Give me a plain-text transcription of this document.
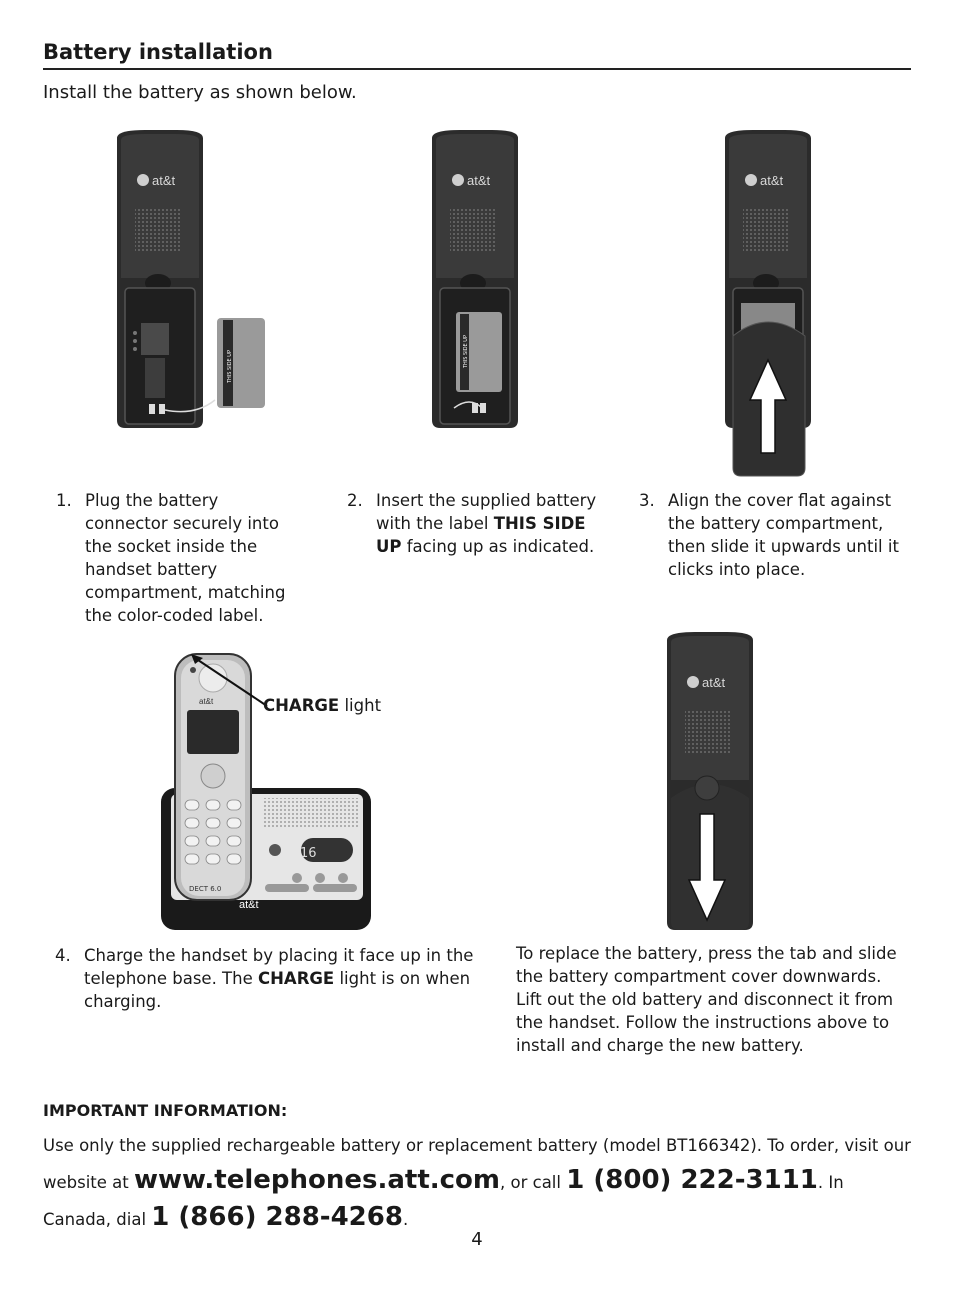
Battery installation
Install the battery as shown below.
at&t
THIS SIDE UP
at&t
THIS SIDE UP
at&t
1. Plug the battery connector securely into the socket inside the handset battery compartment, matching the color-coded label.
2. Insert the supplied battery with the label THIS SIDE UP facing up as indicated.
3. Align the cover flat against the battery compartment, then slide it upwards until it clicks into place.
16
at&t
at&t
DECT 6.0
CHARGE light
at&t
4. Charge the handset by placing it face up in the telephone base. The CHARGE light is on when charging.
To replace the battery, press the tab and slide the battery compartment cover downwards. Lift out the old battery and disconnect it from the handset. Follow the instructions above to install and charge the new battery.
IMPORTANT INFORMATION:
Use only the supplied rechargeable battery or replacement battery (model BT166342). To order, visit our website at www.telephones.att.com, or call 1 (800) 222-3111. In Canada, dial 1 (866) 288-4268.
4
